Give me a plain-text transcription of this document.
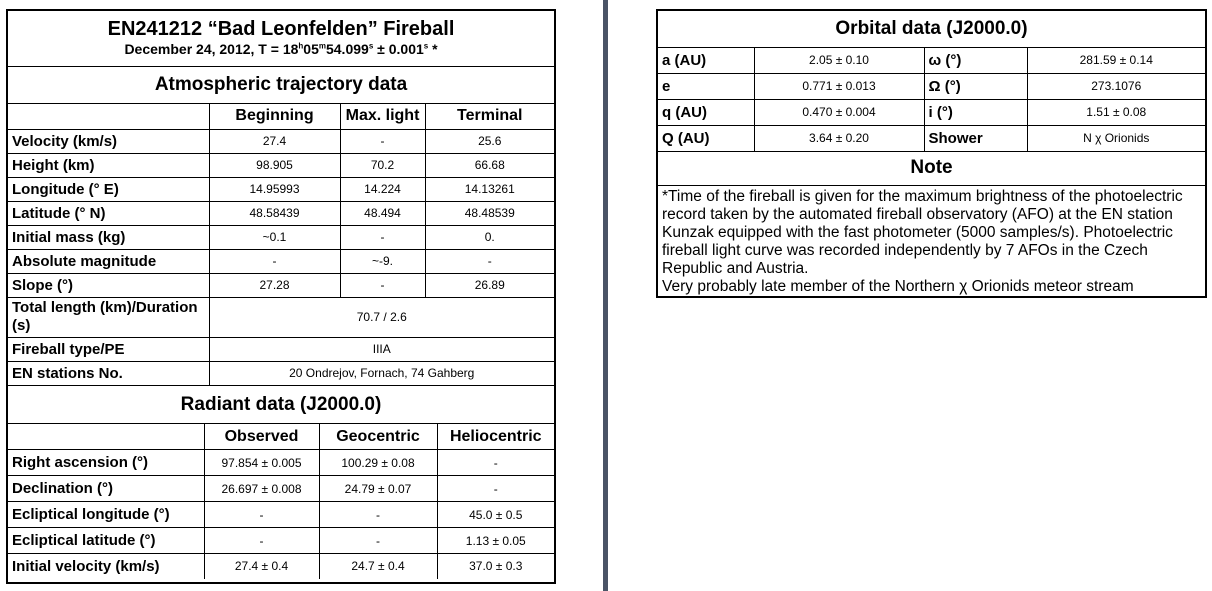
EN241212 “Bad Leonfelden” Fireball
December 24, 2012, $T = 18^h05^m54.099^s \pm 0.001^s$ *			

Atmospheric trajectory data			
	Beginning	Max. light	Terminal
Velocity (km/s)	27.4	-	25.6
Height (km)	98.905	70.2	66.68
Longitude (° E)	14.95993	14.224	14.13261
Latitude (° N)	48.58439	48.494	48.48539
Initial mass (kg)	~0.1	-	0.
Absolute magnitude	-	~-9.	-
Slope (°)	27.28	-	26.89
Total length (km)/Duration (s)	70.7 / 2.6		
Fireball type/PE	IIIA		
EN stations No.	20 Ondrejov, Fornach, 74 Gahberg		
Radiant data (J2000.0)			
	Observed	Geocentric	Heliocentric
Right ascension (°)	97.854 ± 0.005	100.29 ± 0.08	-
Declination (°)	26.697 ± 0.008	24.79 ± 0.07	-
Ecliptical longitude (°)	-	-	45.0 ± 0.5
Ecliptical latitude (°)	-	-	1.13 ± 0.05
Initial velocity (km/s)	27.4 ± 0.4	24.7 ± 0.4	37.0 ± 0.3
Orbital data (J2000.0)			
a (AU)	2.05 ± 0.10	ω (°)	281.59 ± 0.14
e	0.771 ± 0.013	Ω (°)	273.1076
q (AU)	0.470 ± 0.004	i (°)	1.51 ± 0.08
Q (AU)	3.64 ± 0.20	Shower	N χ Orionids
Note			

*Time of the fireball is given for the maximum brightness of the photoelectric record taken by the automated fireball observatory (AFO) at the EN station Kunzak equipped with the fast photometer (5000 samples/s). Photoelectric fireball light curve was recorded independently by 7 AFOs in the Czech Republic and Austria.
Very probably late member of the Northern χ Orionids meteor stream			
